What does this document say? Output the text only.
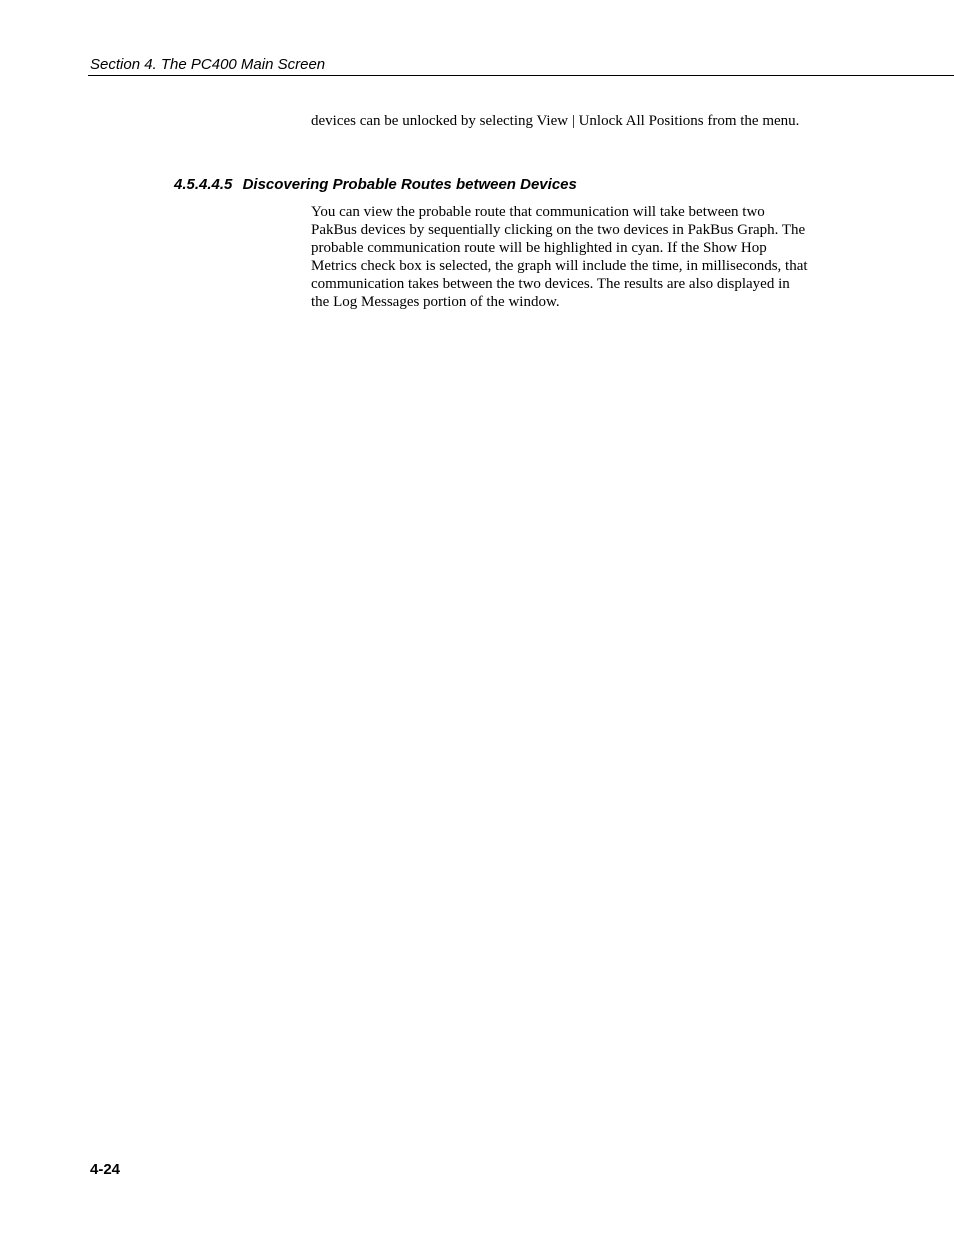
Section 4. The PC400 Main Screen

devices can be unlocked by selecting View | Unlock All Positions from the menu.

4.5.4.4.5 Discovering Probable Routes between Devices

You can view the probable route that communication will take between two PakBus devices by sequentially clicking on the two devices in PakBus Graph. The probable communication route will be highlighted in cyan. If the Show Hop Metrics check box is selected, the graph will include the time, in milliseconds, that communication takes between the two devices. The results are also displayed in the Log Messages portion of the window.

4-24
